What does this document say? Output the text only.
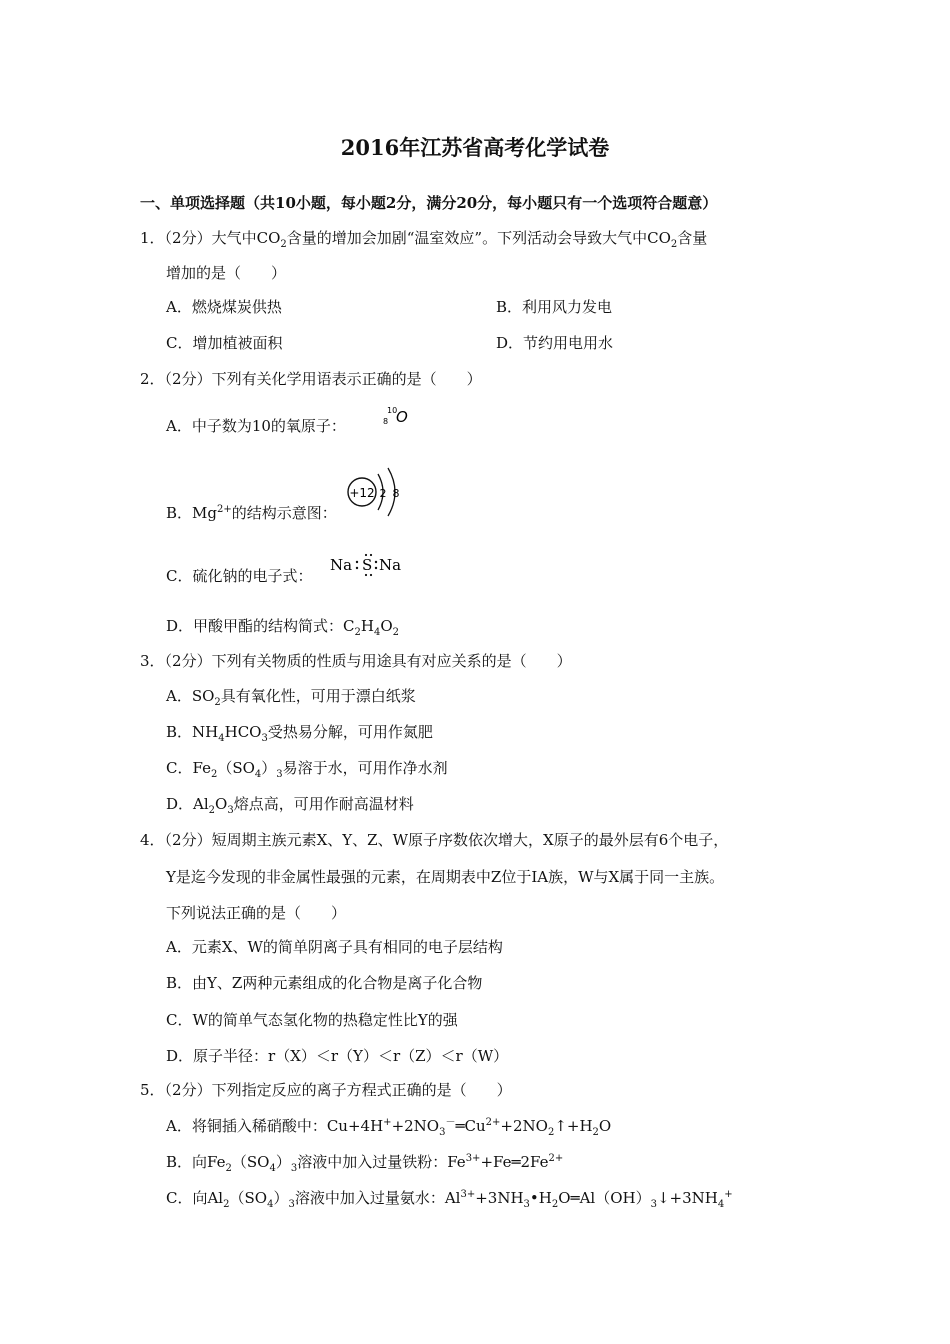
2016年江苏省高考化学试卷
一、单项选择题（共10小题，每小题2分，满分20分，每小题只有一个选项符合题意）
1．（2分）大气中$CO_2$含量的增加会加剧“温室效应”。下列活动会导致大气中$CO_2$含量
增加的是（　　）
A．燃烧煤炭供热	B．利用风力发电
C．增加植被面积	D．节约用电用水
2．（2分）下列有关化学用语表示正确的是（　　）
A．中子数为10的氧原子：
10
8 O
B．$Mg^{2+}$的结构示意图：
+12 2 8
C．硫化钠的电子式：
Na S Na
D．甲酸甲酯的结构简式：$C_2H_4O_2$
3．（2分）下列有关物质的性质与用途具有对应关系的是（　　）
A．$SO_2$具有氧化性，可用于漂白纸浆
B．$NH_4HCO_3$受热易分解，可用作氮肥
C．$Fe_2(SO_4)_3$易溶于水，可用作净水剂
D．$Al_2O_3$熔点高，可用作耐高温材料
4．（2分）短周期主族元素X、Y、Z、W原子序数依次增大，X原子的最外层有6个电子，
Y是迄今发现的非金属性最强的元素，在周期表中Z位于IA族，W与X属于同一主族。
下列说法正确的是（　　）
A．元素X、W的简单阴离子具有相同的电子层结构
B．由Y、Z两种元素组成的化合物是离子化合物
C．W的简单气态氢化物的热稳定性比Y的强
D．原子半径：r（X）＜r（Y）＜r（Z）＜r（W）
5．（2分）下列指定反应的离子方程式正确的是（　　）
A．将铜插入稀硝酸中：$Cu+4H^++2NO_3^-═Cu^{2+}+2NO_2↑+H_2O$
B．向$Fe_2(SO_4)_3$溶液中加入过量铁粉：$Fe^{3+}+Fe═2Fe^{2+}$
C．向$Al_2(SO_4)_3$溶液中加入过量氨水：$Al^{3+}+3NH_3•H_2O═Al(OH)_3↓+3NH_4^+$
